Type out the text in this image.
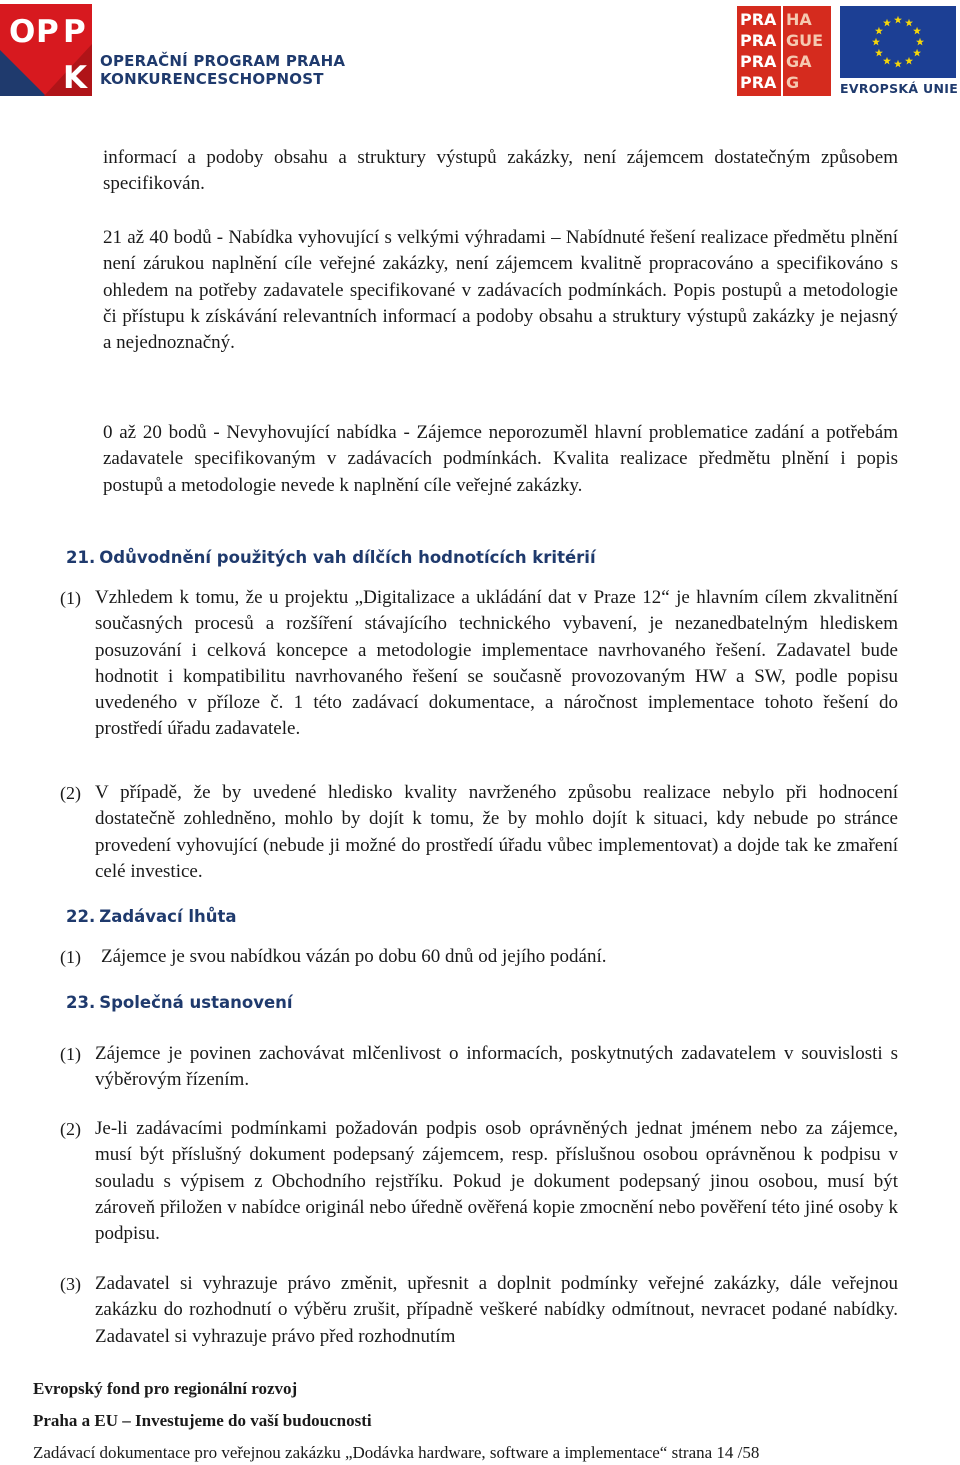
O P P
K OPERAČNÍ PROGRAM PRAHA
KONKURENCESCHOPNOST
PRA HA
PRA GUE
PRA GA
PRA G	EVROPSKÁ UNIE
informací a podoby obsahu a struktury výstupů zakázky, není zájemcem dostatečným způsobem specifikován.
21 až 40 bodů - Nabídka vyhovující s velkými výhradami – Nabídnuté řešení realizace předmětu plnění není zárukou naplnění cíle veřejné zakázky, není zájemcem kvalitně propracováno a specifikováno s ohledem na potřeby zadavatele specifikované v zadávacích podmínkách. Popis postupů a metodologie či přístupu k získávání relevantních informací a podoby obsahu a struktury výstupů zakázky je nejasný a nejednoznačný.
0 až 20 bodů - Nevyhovující nabídka - Zájemce neporozuměl hlavní problematice zadání a potřebám zadavatele specifikovaným v zadávacích podmínkách. Kvalita realizace předmětu plnění i popis postupů a metodologie nevede k naplnění cíle veřejné zakázky.
21. Odůvodnění použitých vah dílčích hodnotících kritérií
(1) Vzhledem k tomu, že u projektu „Digitalizace a ukládání dat v Praze 12“ je hlavním cílem zkvalitnění současných procesů a rozšíření stávajícího technického vybavení, je nezanedbatelným hlediskem posuzování i celková koncepce a metodologie implementace navrhovaného řešení. Zadavatel bude hodnotit i kompatibilitu navrhovaného řešení se současně provozovaným HW a SW, podle popisu uvedeného v příloze č. 1 této zadávací dokumentace, a náročnost implementace tohoto řešení do prostředí úřadu zadavatele.
(2) V případě, že by uvedené hledisko kvality navrženého způsobu realizace nebylo při hodnocení dostatečně zohledněno, mohlo by dojít k tomu, že by mohlo dojít k situaci, kdy nebude po stránce provedení vyhovující (nebude ji možné do prostředí úřadu vůbec implementovat) a dojde tak ke zmaření celé investice.
22. Zadávací lhůta
(1) Zájemce je svou nabídkou vázán po dobu 60 dnů od jejího podání.
23. Společná ustanovení
(1) Zájemce je povinen zachovávat mlčenlivost o informacích, poskytnutých zadavatelem v souvislosti s výběrovým řízením.
(2) Je-li zadávacími podmínkami požadován podpis osob oprávněných jednat jménem nebo za zájemce, musí být příslušný dokument podepsaný zájemcem, resp. příslušnou osobou oprávněnou k podpisu v souladu s výpisem z Obchodního rejstříku. Pokud je dokument podepsaný jinou osobou, musí být zároveň přiložen v nabídce originál nebo úředně ověřená kopie zmocnění nebo pověření této jiné osoby k podpisu.
(3) Zadavatel si vyhrazuje právo změnit, upřesnit a doplnit podmínky veřejné zakázky, dále veřejnou zakázku do rozhodnutí o výběru zrušit, případně veškeré nabídky odmítnout, nevracet podané nabídky. Zadavatel si vyhrazuje právo před rozhodnutím
Evropský fond pro regionální rozvoj
Praha a EU – Investujeme do vaší budoucnosti
Zadávací dokumentace pro veřejnou zakázku „Dodávka hardware, software a implementace“ strana 14 /58
